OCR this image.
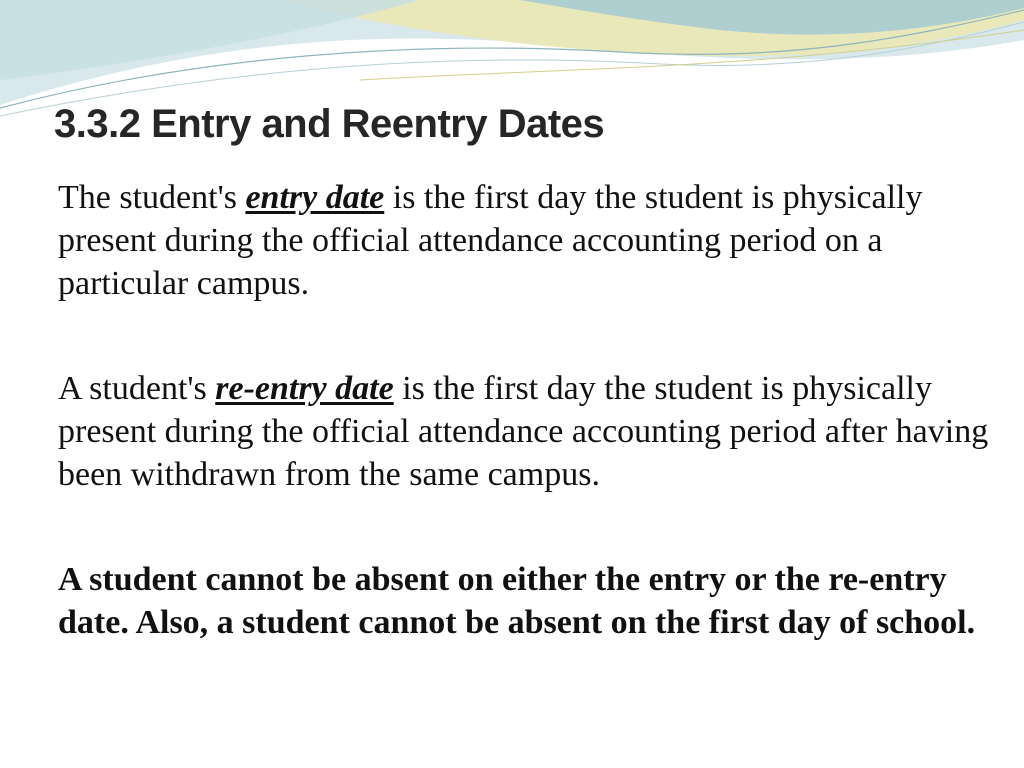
3.3.2 Entry and Reentry Dates

The student's entry date is the first day the student is physically present during the official attendance accounting period on a particular campus.

A student's re-entry date is the first day the student is physically present during the official attendance accounting period after having been withdrawn from the same campus.

A student cannot be absent on either the entry or the re-entry date. Also, a student cannot be absent on the first day of school.
